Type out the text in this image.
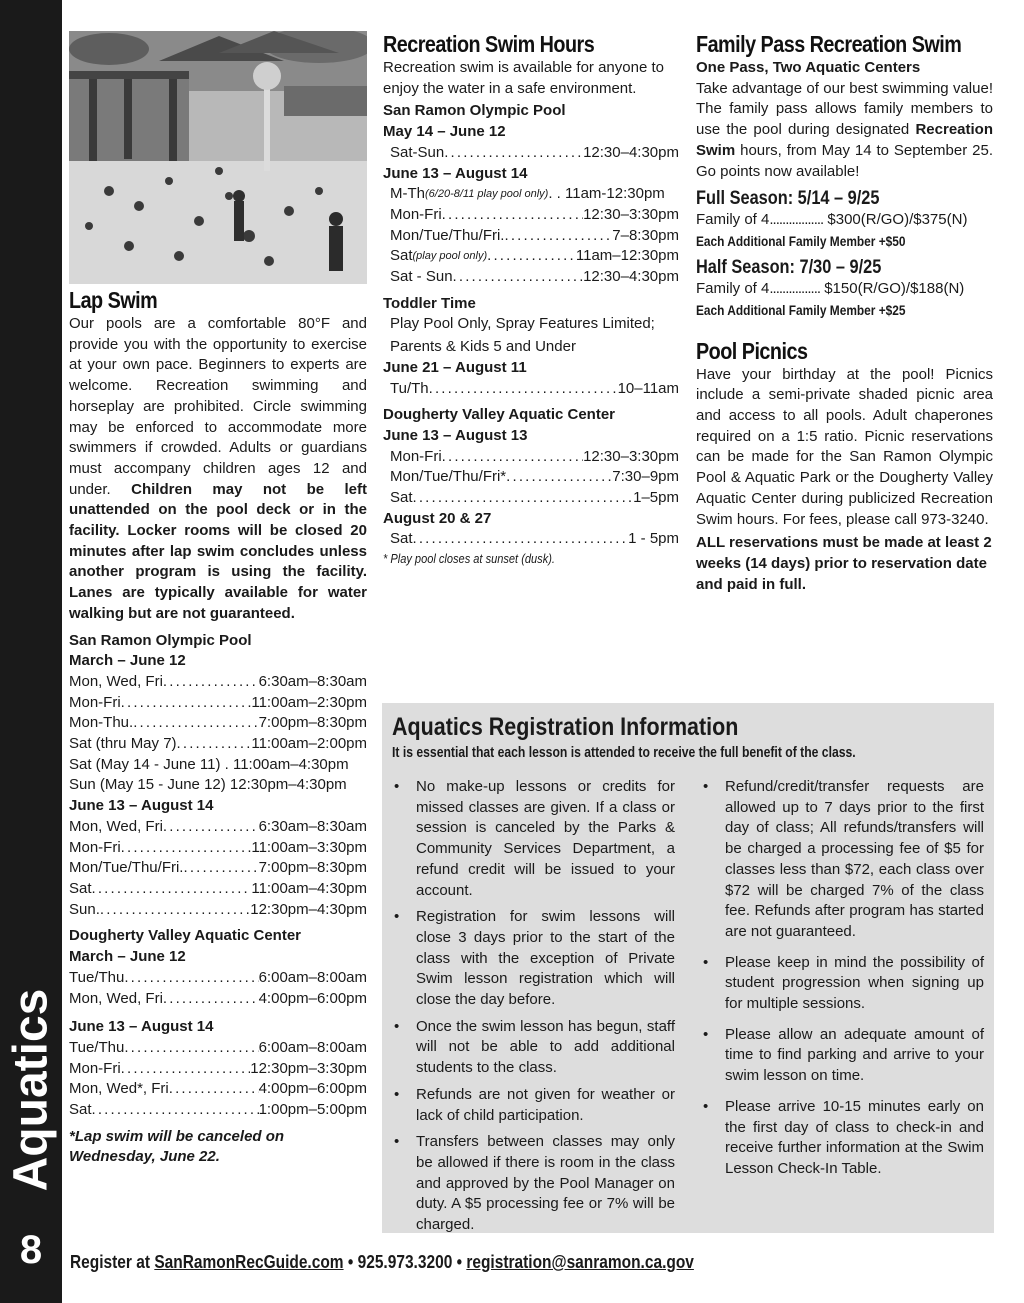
Aquatics
8
Lap Swim

Our pools are a comfortable 80°F and provide you with the opportunity to exercise at your own pace. Beginners to experts are welcome. Recreation swimming and horseplay are prohibited. Circle swimming may be enforced to accommodate more swimmers if crowded. Adults or guardians must accompany children ages 12 and under. Children may not be left unattended on the pool deck or in the facility. Locker rooms will be closed 20 minutes after lap swim concludes unless another program is using the facility. Lanes are typically available for water walking but are not guaranteed.

San Ramon Olympic Pool
March – June 12
Mon, Wed, Fri . . .	6:30am–8:30am
Mon-Fri . . .	11:00am–2:30pm
Mon-Thu. . . .	7:00pm–8:30pm
Sat (thru May 7) . . .	11:00am–2:00pm
Sat (May 14 - June 11) . 11:00am–4:30pm
Sun (May 15 - June 12) 12:30pm–4:30pm
June 13 – August 14
Mon, Wed, Fri . . .	6:30am–8:30am
Mon-Fri . . .	11:00am–3:30pm
Mon/Tue/Thu/Fri. . . .	7:00pm–8:30pm
Sat . . .	11:00am–4:30pm
Sun. . . .	12:30pm–4:30pm
Dougherty Valley Aquatic Center
March – June 12
Tue/Thu . . .	6:00am–8:00am
Mon, Wed, Fri . . .	4:00pm–6:00pm
June 13 – August 14
Tue/Thu . . .	6:00am–8:00am
Mon-Fri . . .	12:30pm–3:30pm
Mon, Wed*, Fri . . .	4:00pm–6:00pm
Sat . . .	1:00pm–5:00pm
*Lap swim will be canceled on Wednesday, June 22.
Recreation Swim Hours

Recreation swim is available for anyone to enjoy the water in a safe environment.

San Ramon Olympic Pool
May 14 – June 12
Sat-Sun . . .	12:30–4:30pm
June 13 – August 14
M-Th (6/20-8/11 play pool only) . . 11am-12:30pm
Mon-Fri . . .	12:30–3:30pm
Mon/Tue/Thu/Fri. . . .	7–8:30pm
Sat (play pool only) . . .	11am–12:30pm
Sat - Sun . . .	12:30–4:30pm
Toddler Time
Play Pool Only, Spray Features Limited;
Parents & Kids 5 and Under
June 21 – August 11
Tu/Th . . .	10–11am
Dougherty Valley Aquatic Center
June 13 – August 13
Mon-Fri . . .	12:30–3:30pm
Mon/Tue/Thu/Fri* . . .	7:30–9pm
Sat . . .	1–5pm
August 20 & 27
Sat . . .	1 - 5pm
* Play pool closes at sunset (dusk).
Family Pass Recreation Swim
One Pass, Two Aquatic Centers

Take advantage of our best swimming value! The family pass allows family members to use the pool during designated Recreation Swim hours, from May 14 to September 25. Go points now available!

Full Season: 5/14 – 9/25
Family of 4................. $300(R/GO)/$375(N)
Each Additional Family Member +$50
Half Season: 7/30 – 9/25
Family of 4................ $150(R/GO)/$188(N)
Each Additional Family Member +$25
Pool Picnics

Have your birthday at the pool! Picnics include a semi-private shaded picnic area and access to all pools. Adult chaperones required on a 1:5 ratio. Picnic reservations can be made for the San Ramon Olympic Pool & Aquatic Park or the Dougherty Valley Aquatic Center during publicized Recreation Swim hours. For fees, please call 973-3240.

ALL reservations must be made at least 2 weeks (14 days) prior to reservation date and paid in full.

Aquatics Registration Information
It is essential that each lesson is attended to receive the full benefit of the class.
• No make-up lessons or credits for missed classes are given. If a class or session is canceled by the Parks & Community Services Department, a refund credit will be issued to your account.
• Registration for swim lessons will close 3 days prior to the start of the class with the exception of Private Swim lesson registration which will close the day before.
• Once the swim lesson has begun, staff will not be able to add additional students to the class.
• Refunds are not given for weather or lack of child participation.
• Transfers between classes may only be allowed if there is room in the class and approved by the Pool Manager on duty. A $5 processing fee or 7% will be charged.
• Refund/credit/transfer requests are allowed up to 7 days prior to the first day of class; All refunds/transfers will be charged a processing fee of $5 for classes less than $72, each class over $72 will be charged 7% of the class fee. Refunds after program has started are not guaranteed.
• Please keep in mind the possibility of student progression when signing up for multiple sessions.
• Please allow an adequate amount of time to find parking and arrive to your swim lesson on time.
• Please arrive 10-15 minutes early on the first day of class to check-in and receive further information at the Swim Lesson Check-In Table.
Register at SanRamonRecGuide.com • 925.973.3200 • registration@sanramon.ca.gov
